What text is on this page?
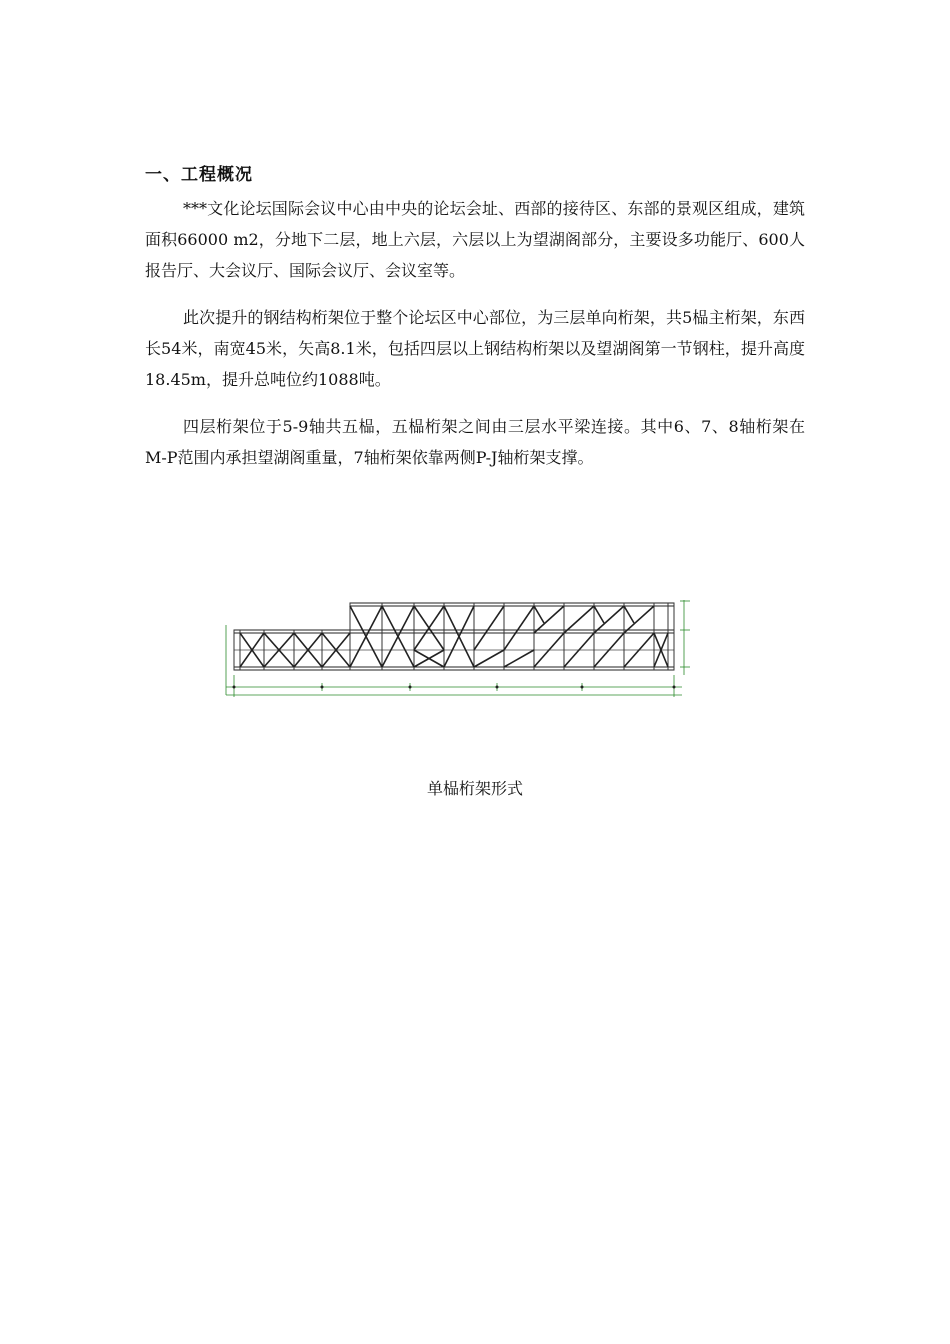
一、工程概况

***文化论坛国际会议中心由中央的论坛会址、西部的接待区、东部的景观区组成，建筑面积66000 m2，分地下二层，地上六层，六层以上为望湖阁部分，主要设多功能厅、600人报告厅、大会议厅、国际会议厅、会议室等。

此次提升的钢结构桁架位于整个论坛区中心部位，为三层单向桁架，共5榀主桁架，东西长54米，南宽45米，矢高8.1米，包括四层以上钢结构桁架以及望湖阁第一节钢柱，提升高度18.45m，提升总吨位约1088吨。

四层桁架位于5-9轴共五榀，五榀桁架之间由三层水平梁连接。其中6、7、8轴桁架在M-P范围内承担望湖阁重量，7轴桁架依靠两侧P-J轴桁架支撑。

单榀桁架形式
